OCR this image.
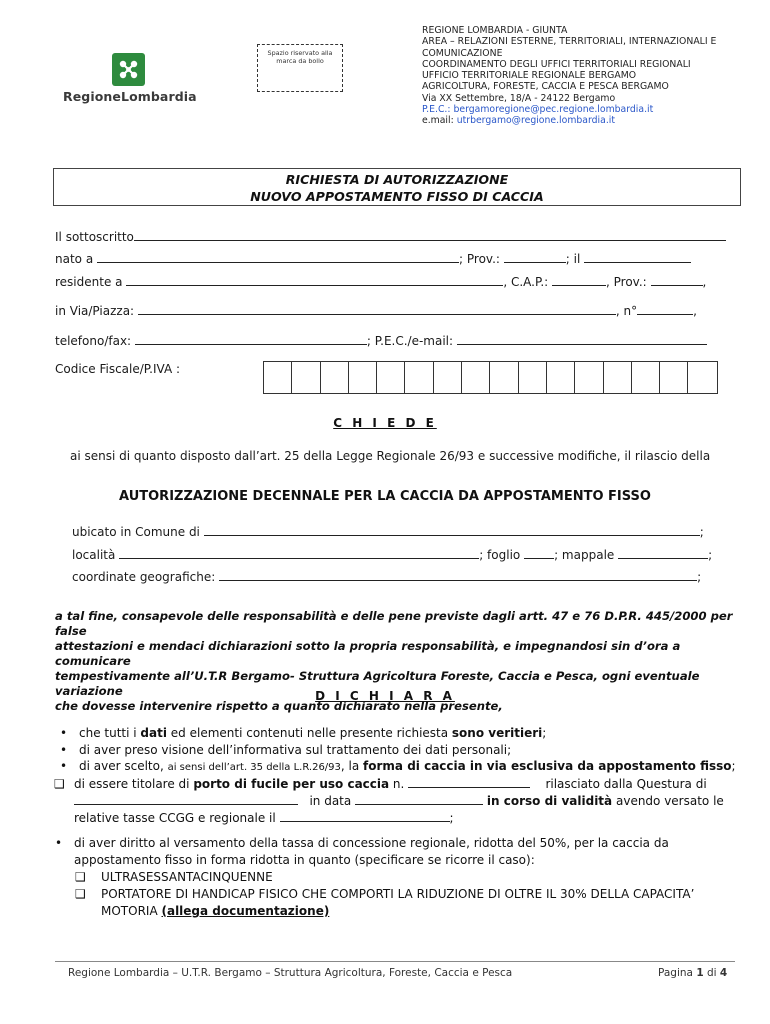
RegioneLombardia
Spazio riservato alla marca da bollo
REGIONE LOMBARDIA - GIUNTA
AREA – RELAZIONI ESTERNE, TERRITORIALI, INTERNAZIONALI E
COMUNICAZIONE
COORDINAMENTO DEGLI UFFICI TERRITORIALI REGIONALI
UFFICIO TERRITORIALE REGIONALE BERGAMO
AGRICOLTURA, FORESTE, CACCIA E PESCA BERGAMO
Via XX Settembre, 18/A - 24122 Bergamo
P.E.C.: bergamoregione@pec.regione.lombardia.it
e.mail: utrbergamo@regione.lombardia.it
RICHIESTA DI AUTORIZZAZIONE
NUOVO APPOSTAMENTO FISSO DI CACCIA
Il sottoscritto
nato a	; Prov.:	; il
residente a	, C.A.P.:	, Prov.:	,
in Via/Piazza:	, n°	,
telefono/fax:	; P.E.C./e-mail:
Codice Fiscale/P.IVA :
C H I E D E
ai sensi di quanto disposto dall’art. 25 della Legge Regionale 26/93 e successive modifiche, il rilascio della
AUTORIZZAZIONE DECENNALE PER LA CACCIA DA APPOSTAMENTO FISSO
ubicato in Comune di	;
località	; foglio	; mappale	;
coordinate geografiche:	;
a tal fine, consapevole delle responsabilità e delle pene previste dagli artt. 47 e 76 D.P.R. 445/2000 per false
attestazioni e mendaci dichiarazioni sotto la propria responsabilità, e impegnandosi sin d’ora a comunicare
tempestivamente all’U.T.R Bergamo- Struttura Agricoltura Foreste, Caccia e Pesca, ogni eventuale variazione
che dovesse intervenire rispetto a quanto dichiarato nella presente,
D I C H I A R A
• che tutti i dati ed elementi contenuti nelle presente richiesta sono veritieri;
• di aver preso visione dell’informativa sul trattamento dei dati personali;
• di aver scelto, ai sensi dell’art. 35 della L.R.26/93, la forma di caccia in via esclusiva da appostamento fisso;
❑ di essere titolare di porto di fucile per uso caccia n.	rilasciato dalla Questura di
in data	in corso di validità avendo versato le
relative tasse CCGG e regionale il	;
• di aver diritto al versamento della tassa di concessione regionale, ridotta del 50%, per la caccia da
appostamento fisso in forma ridotta in quanto (specificare se ricorre il caso):
❑ ULTRASESSANTACINQUENNE
❑ PORTATORE DI HANDICAP FISICO CHE COMPORTI LA RIDUZIONE DI OLTRE IL 30% DELLA CAPACITA’
MOTORIA (allega documentazione)
Regione Lombardia – U.T.R. Bergamo – Struttura Agricoltura, Foreste, Caccia e Pesca	Pagina 1 di 4
